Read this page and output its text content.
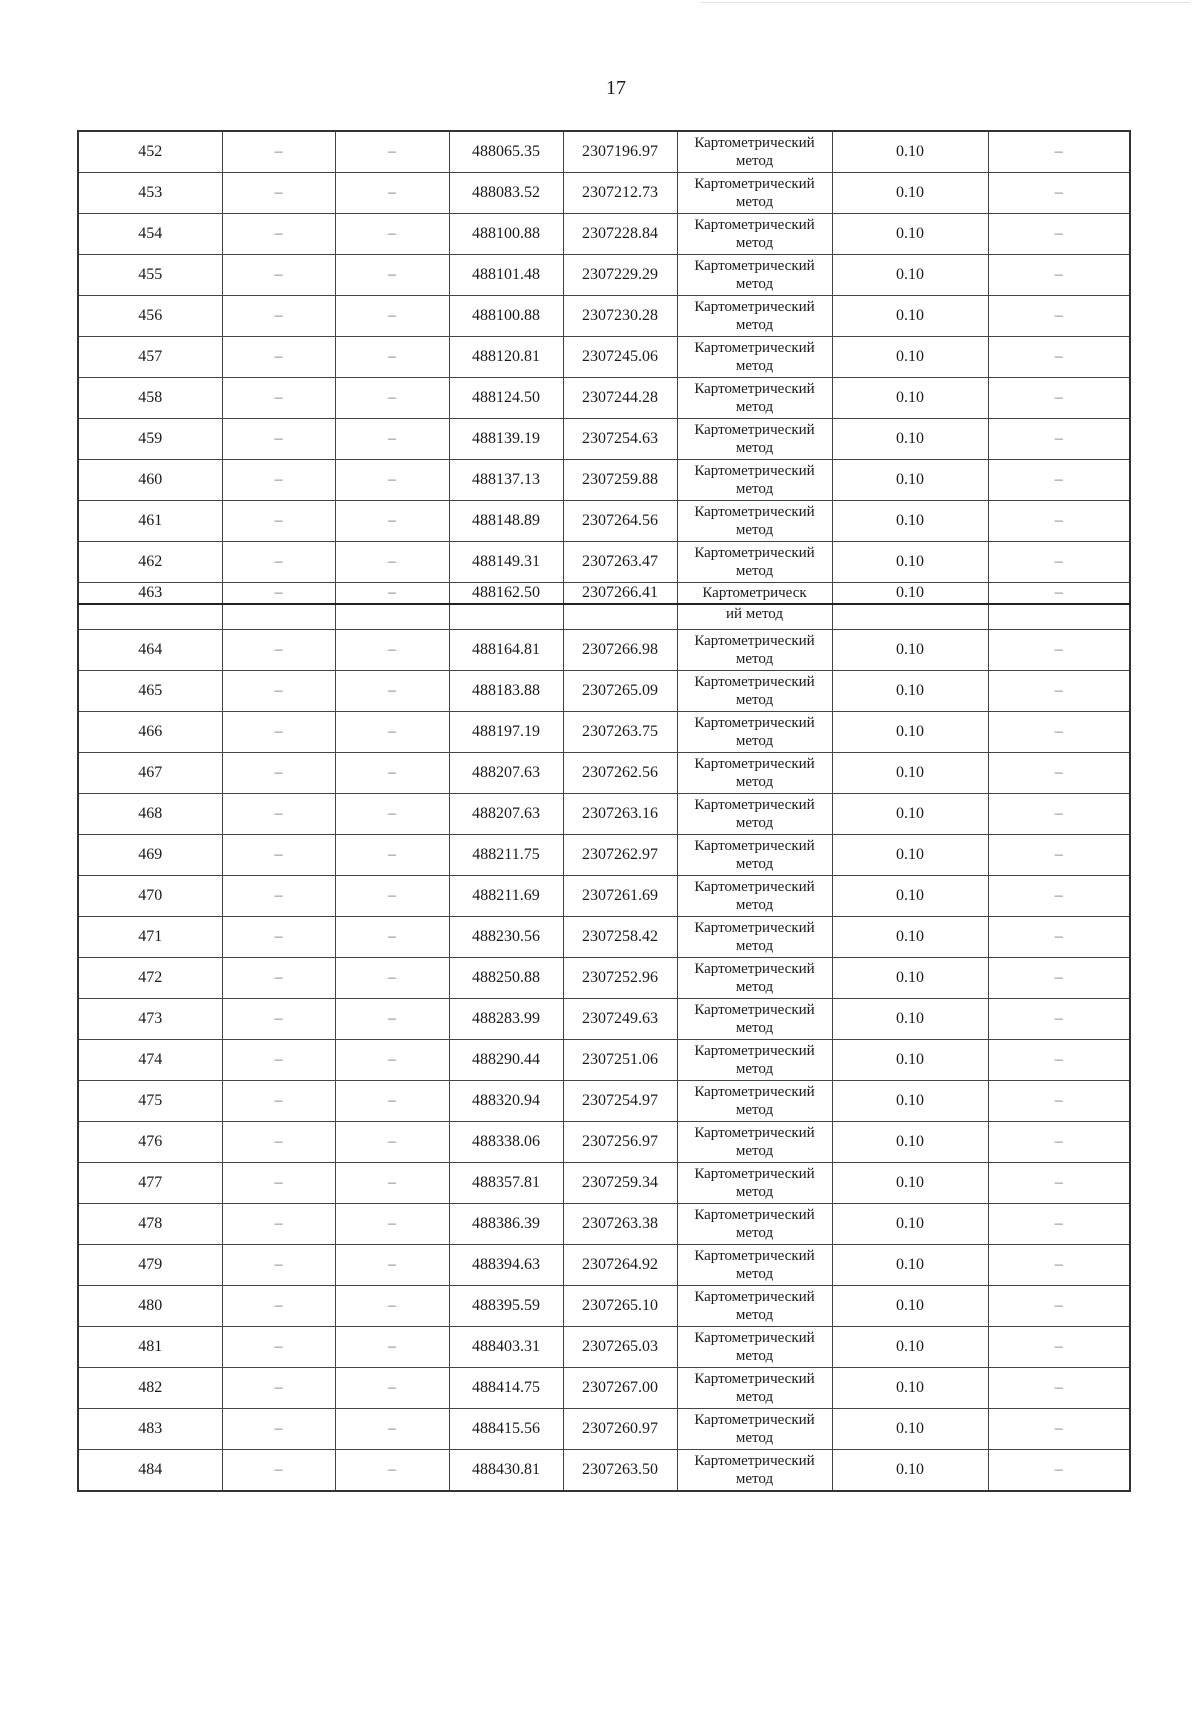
17
452	–	–	488065.35	2307196.97	Картометрический метод	0.10	–
453	–	–	488083.52	2307212.73	Картометрический метод	0.10	–
454	–	–	488100.88	2307228.84	Картометрический метод	0.10	–
455	–	–	488101.48	2307229.29	Картометрический метод	0.10	–
456	–	–	488100.88	2307230.28	Картометрический метод	0.10	–
457	–	–	488120.81	2307245.06	Картометрический метод	0.10	–
458	–	–	488124.50	2307244.28	Картометрический метод	0.10	–
459	–	–	488139.19	2307254.63	Картометрический метод	0.10	–
460	–	–	488137.13	2307259.88	Картометрический метод	0.10	–
461	–	–	488148.89	2307264.56	Картометрический метод	0.10	–
462	–	–	488149.31	2307263.47	Картометрический метод	0.10	–
463	–	–	488162.50	2307266.41	Картометрическ	0.10	–
					ий метод		
464	–	–	488164.81	2307266.98	Картометрический метод	0.10	–
465	–	–	488183.88	2307265.09	Картометрический метод	0.10	–
466	–	–	488197.19	2307263.75	Картометрический метод	0.10	–
467	–	–	488207.63	2307262.56	Картометрический метод	0.10	–
468	–	–	488207.63	2307263.16	Картометрический метод	0.10	–
469	–	–	488211.75	2307262.97	Картометрический метод	0.10	–
470	–	–	488211.69	2307261.69	Картометрический метод	0.10	–
471	–	–	488230.56	2307258.42	Картометрический метод	0.10	–
472	–	–	488250.88	2307252.96	Картометрический метод	0.10	–
473	–	–	488283.99	2307249.63	Картометрический метод	0.10	–
474	–	–	488290.44	2307251.06	Картометрический метод	0.10	–
475	–	–	488320.94	2307254.97	Картометрический метод	0.10	–
476	–	–	488338.06	2307256.97	Картометрический метод	0.10	–
477	–	–	488357.81	2307259.34	Картометрический метод	0.10	–
478	–	–	488386.39	2307263.38	Картометрический метод	0.10	–
479	–	–	488394.63	2307264.92	Картометрический метод	0.10	–
480	–	–	488395.59	2307265.10	Картометрический метод	0.10	–
481	–	–	488403.31	2307265.03	Картометрический метод	0.10	–
482	–	–	488414.75	2307267.00	Картометрический метод	0.10	–
483	–	–	488415.56	2307260.97	Картометрический метод	0.10	–
484	–	–	488430.81	2307263.50	Картометрический метод	0.10	–
